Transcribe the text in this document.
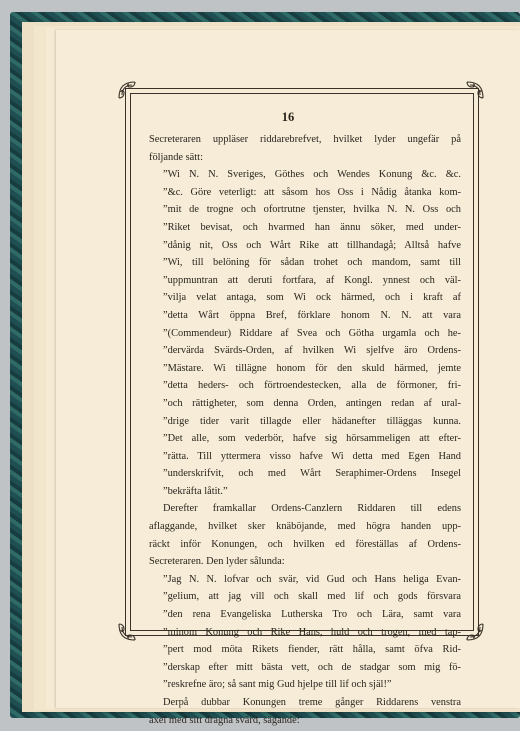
16
Secreteraren uppläser riddarebrefvet, hvilket lyder ungefär på
följande sätt:
”Wi N. N. Sveriges, Göthes och Wendes Konung &c. &c.
”&c. Göre veterligt: att såsom hos Oss i Nådig åtanka kom-
”mit de trogne och ofortrutne tjenster, hvilka N. N. Oss och
”Riket bevisat, och hvarmed han ännu söker, med under-
”dånig nit, Oss och Wårt Rike att tillhandagå; Alltså hafve
”Wi, till belöning för sådan trohet och mandom, samt till
”uppmuntran att deruti fortfara, af Kongl. ynnest och väl-
”vilja velat antaga, som Wi ock härmed, och i kraft af
”detta Wårt öppna Bref, förklare honom N. N. att vara
”(Commendeur) Riddare af Svea och Götha urgamla och he-
”dervärda Svärds-Orden, af hvilken Wi sjelfve äro Ordens-
”Mästare. Wi tillägne honom för den skuld härmed, jemte
”detta heders- och förtroendestecken, alla de förmoner, fri-
”och rättigheter, som denna Orden, antingen redan af ural-
”drige tider varit tillagde eller hädanefter tilläggas kunna.
”Det alle, som vederbör, hafve sig hörsammeligen att efter-
”rätta. Till yttermera visso hafve Wi detta med Egen Hand
”underskrifvit, och med Wårt Seraphimer-Ordens Insegel
”bekräfta låtit.”
Derefter framkallar Ordens-Canzlern Riddaren till edens
aflaggande, hvilket sker knäböjande, med högra handen upp-
räckt inför Konungen, och hvilken ed föreställas af Ordens-
Secreteraren. Den lyder sålunda:
”Jag N. N. lofvar och svär, vid Gud och Hans heliga Evan-
”gelium, att jag vill och skall med lif och gods försvara
”den rena Evangeliska Lutherska Tro och Lära, samt vara
”minom Konung och Rike Hans, huld och trogen, med tap-
”pert mod möta Rikets fiender, rätt hålla, samt öfva Rid-
”derskap efter mitt bästa vett, och de stadgar som mig fö-
”reskrefne äro; så sant mig Gud hjelpe till lif och själ!”
Derpå dubbar Konungen treme gånger Riddarens venstra
axel med sitt dragna svärd, sägande:
